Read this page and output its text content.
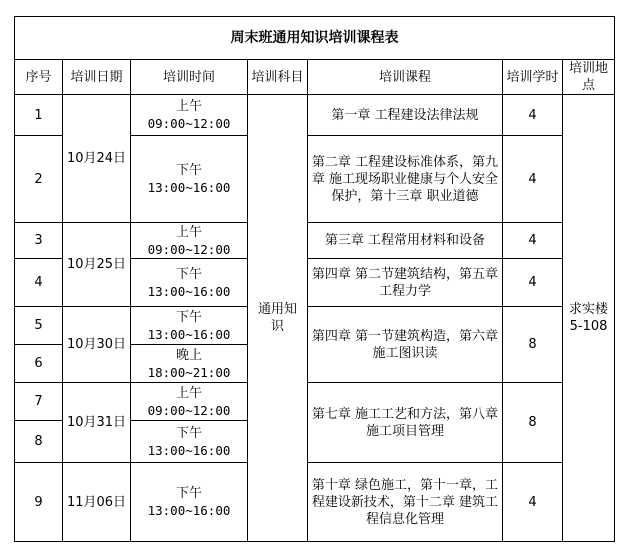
周末班通用知识培训课程表						
序号	培训日期	培训时间	培训科目	培训课程	培训学时	培训地点
1	10月24日	上午
09:00~12:00	通用知识	第一章 工程建设法律法规	4	求实楼5-108

2		下午
13:00~16:00		第二章 工程建设标准体系，第九章 施工现场职业健康与个人安全保护，第十三章 职业道德	4	
3	10月25日	上午
09:00~12:00		第三章 工程常用材料和设备	4	
4		下午
13:00~16:00		第四章 第二节建筑结构，第五章工程力学	4	
5	10月30日	下午
13:00~16:00		第四章 第一节建筑构造，第六章施工图识读	8	
6		晚上
18:00~21:00				

7	10月31日	上午
09:00~12:00		第七章 施工工艺和方法，第八章 施工项目管理	8	
8		下午
13:00~16:00				

9	11月06日	下午
13:00~16:00		第十章 绿色施工，第十一章，工程建设新技术，第十二章 建筑工程信息化管理	4	
